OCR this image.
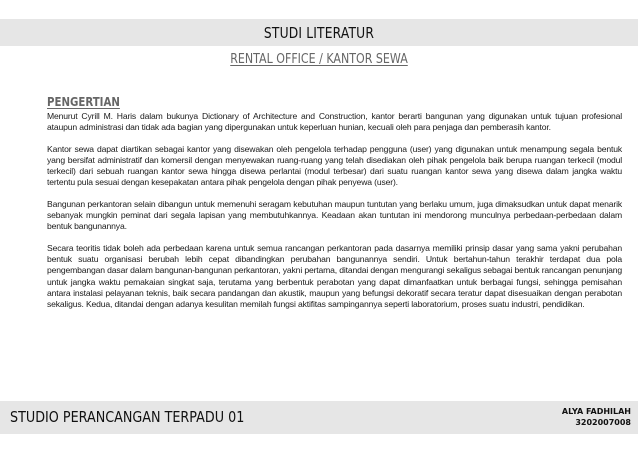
STUDI LITERATUR
RENTAL OFFICE / KANTOR SEWA
PENGERTIAN

Menurut Cyrill M. Haris dalam bukunya Dictionary of Architecture and Construction, kantor berarti bangunan yang digunakan untuk tujuan profesional ataupun administrasi dan tidak ada bagian yang dipergunakan untuk keperluan hunian, kecuali oleh para penjaga dan pemberasih kantor.

Kantor sewa dapat diartikan sebagai kantor yang disewakan oleh pengelola terhadap pengguna (user) yang digunakan untuk menampung segala bentuk yang bersifat administratif dan komersil dengan menyewakan ruang-ruang yang telah disediakan oleh pihak pengelola baik berupa ruangan terkecil (modul terkecil) dari sebuah ruangan kantor sewa hingga disewa perlantai (modul terbesar) dari suatu ruangan kantor sewa yang disewa dalam jangka waktu tertentu pula sesuai dengan kesepakatan antara pihak pengelola dengan pihak penyewa (user).

Bangunan perkantoran selain dibangun untuk memenuhi seragam kebutuhan maupun tuntutan yang berlaku umum, juga dimaksudkan untuk dapat menarik sebanyak mungkin peminat dari segala lapisan yang membutuhkannya. Keadaan akan tuntutan ini mendorong munculnya perbedaan-perbedaan dalam bentuk bangunannya.

Secara teoritis tidak boleh ada perbedaan karena untuk semua rancangan perkantoran pada dasarnya memiliki prinsip dasar yang sama yakni perubahan bentuk suatu organisasi berubah lebih cepat dibandingkan perubahan bangunannya sendiri. Untuk bertahun-tahun terakhir terdapat dua pola pengembangan dasar dalam bangunan-bangunan perkantoran, yakni pertama, ditandai dengan mengurangi sekaligus sebagai bentuk rancangan penunjang untuk jangka waktu pemakaian singkat saja, terutama yang berbentuk perabotan yang dapat dimanfaatkan untuk berbagai fungsi, sehingga pemisahan antara instalasi pelayanan teknis, baik secara pandangan dan akustik, maupun yang befungsi dekoratif secara teratur dapat disesuaikan dengan perabotan sekaligus. Kedua, ditandai dengan adanya kesulitan memilah fungsi aktifitas sampingannya seperti laboratorium, proses suatu industri, pendidikan.

STUDIO PERANCANGAN TERPADU 01	ALYA FADHILAH
3202007008
